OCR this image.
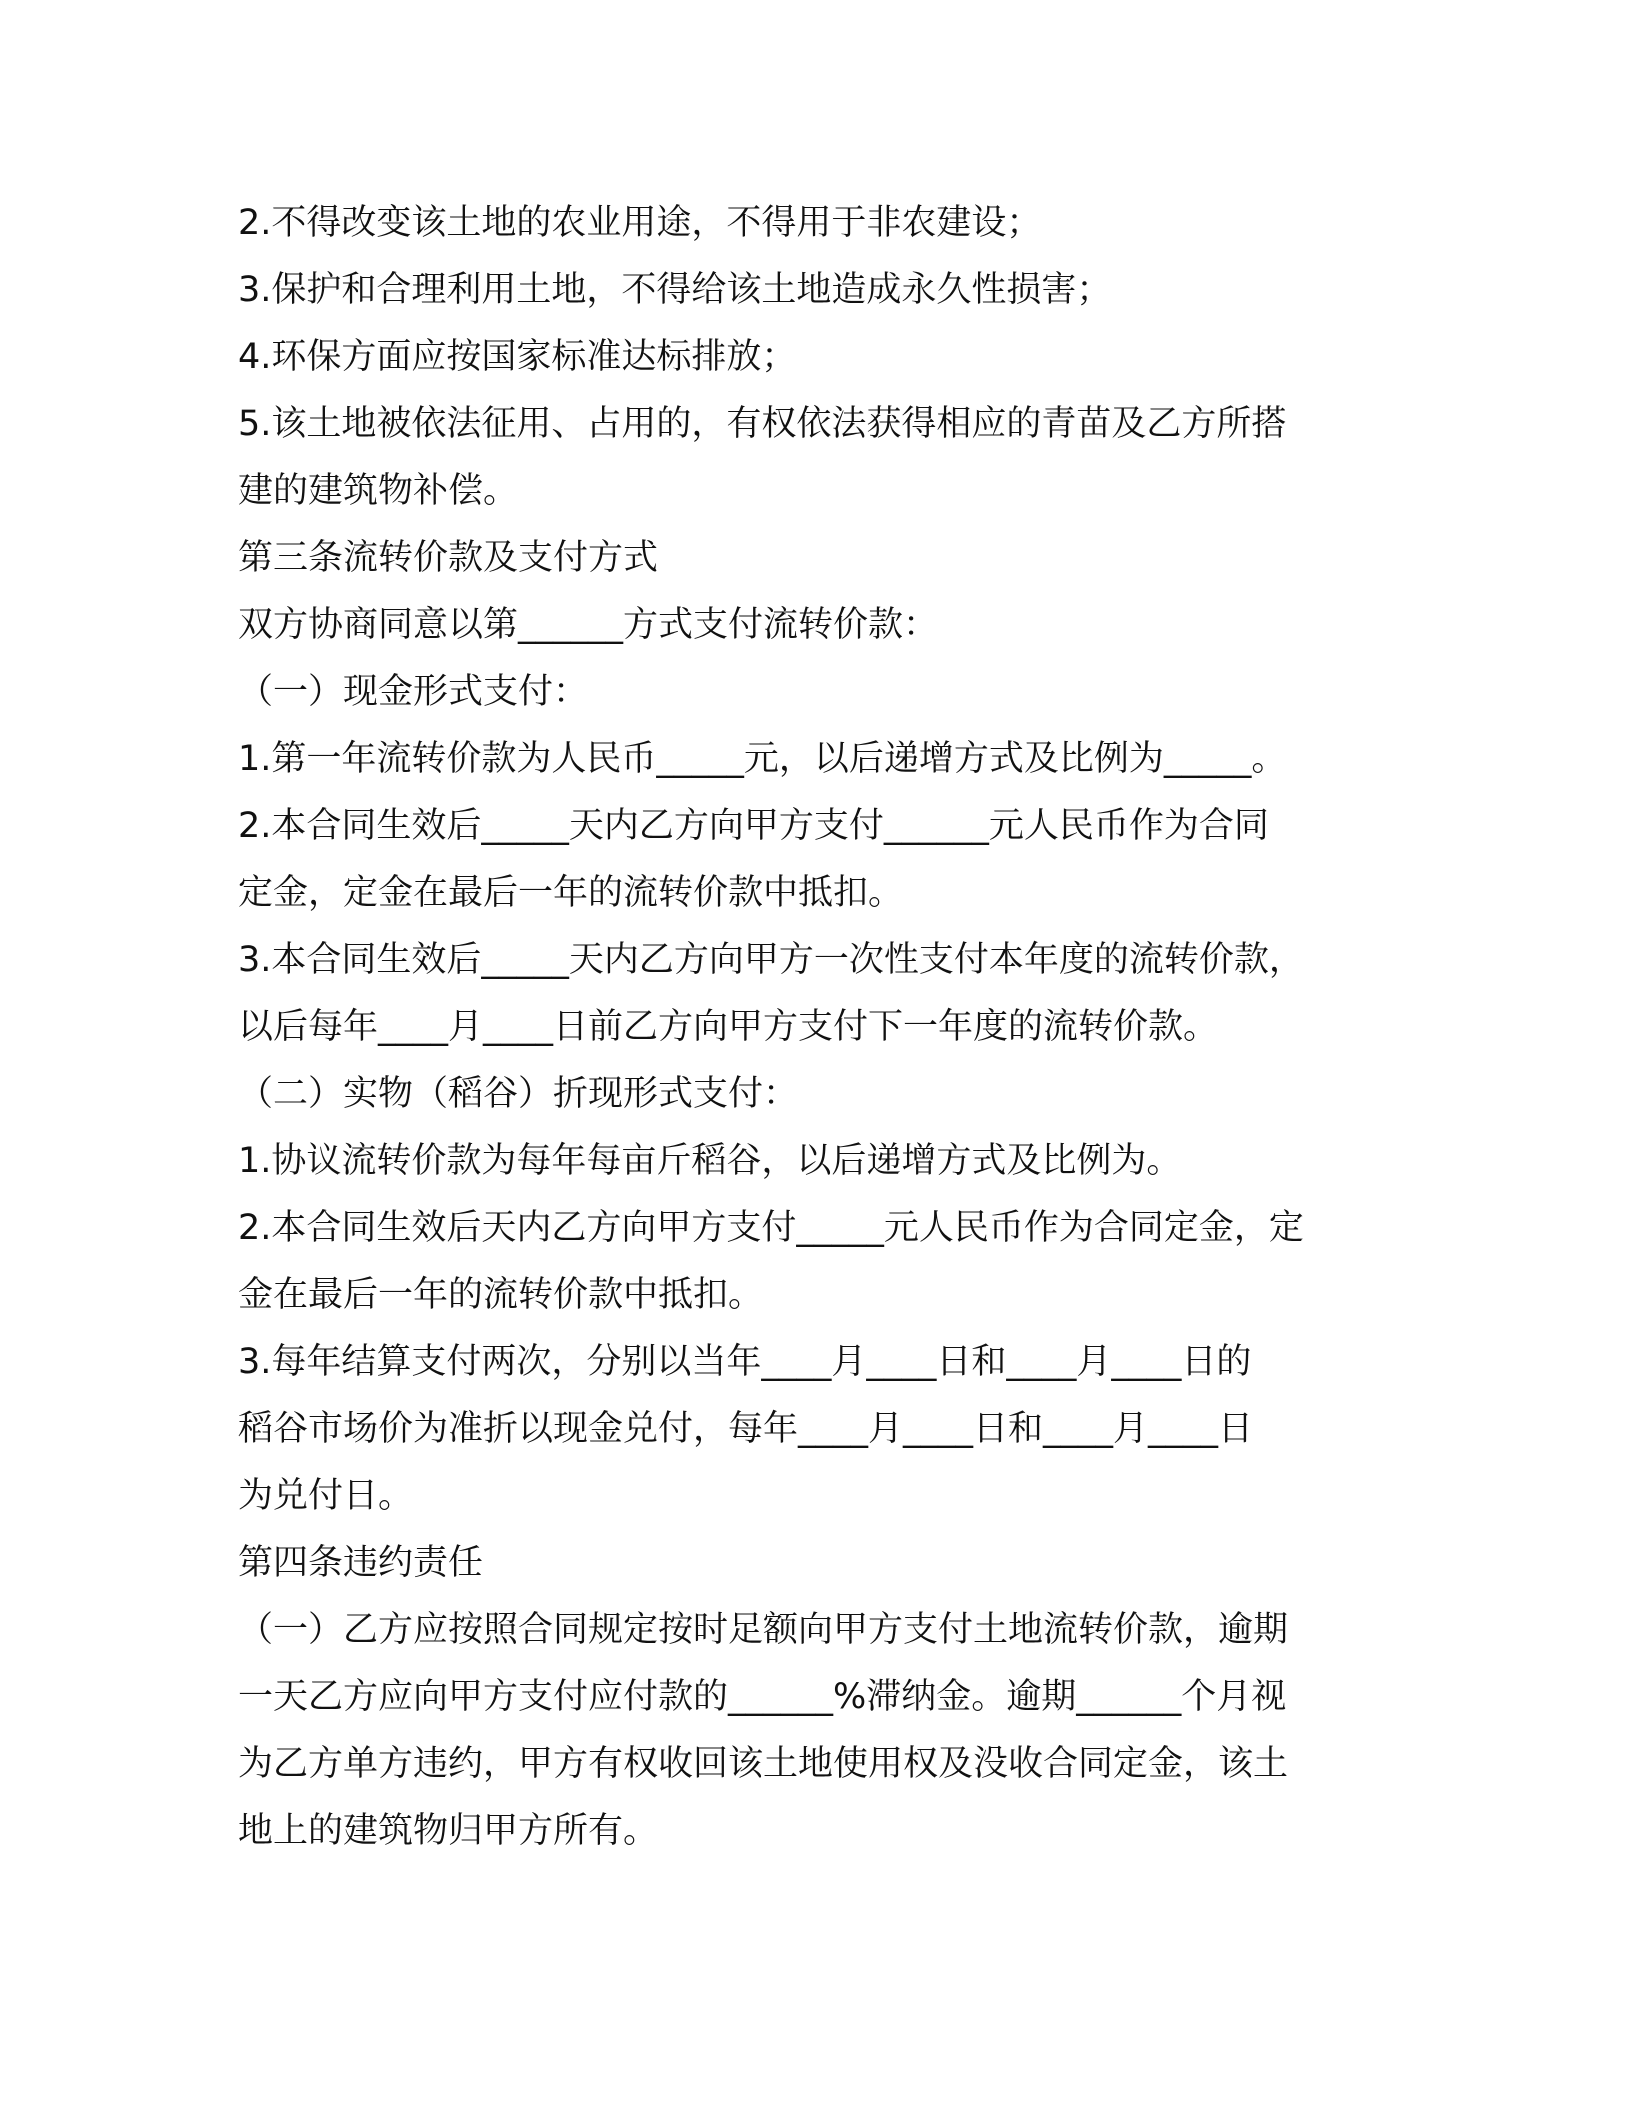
2.不得改变该土地的农业用途，不得用于非农建设；

3.保护和合理利用土地，不得给该土地造成永久性损害；

4.环保方面应按国家标准达标排放；

5.该土地被依法征用、占用的，有权依法获得相应的青苗及乙方所搭

建的建筑物补偿。

第三条流转价款及支付方式

双方协商同意以第______方式支付流转价款：

（一）现金形式支付：

1.第一年流转价款为人民币_____元，以后递增方式及比例为_____。

2.本合同生效后_____天内乙方向甲方支付______元人民币作为合同

定金，定金在最后一年的流转价款中抵扣。

3.本合同生效后_____天内乙方向甲方一次性支付本年度的流转价款，

以后每年____月____日前乙方向甲方支付下一年度的流转价款。

（二）实物（稻谷）折现形式支付：

1.协议流转价款为每年每亩斤稻谷，以后递增方式及比例为。

2.本合同生效后天内乙方向甲方支付_____元人民币作为合同定金，定

金在最后一年的流转价款中抵扣。

3.每年结算支付两次，分别以当年____月____日和____月____日的

稻谷市场价为准折以现金兑付，每年____月____日和____月____日

为兑付日。

第四条违约责任

（一）乙方应按照合同规定按时足额向甲方支付土地流转价款，逾期

一天乙方应向甲方支付应付款的______%滞纳金。逾期______个月视

为乙方单方违约，甲方有权收回该土地使用权及没收合同定金，该土

地上的建筑物归甲方所有。
